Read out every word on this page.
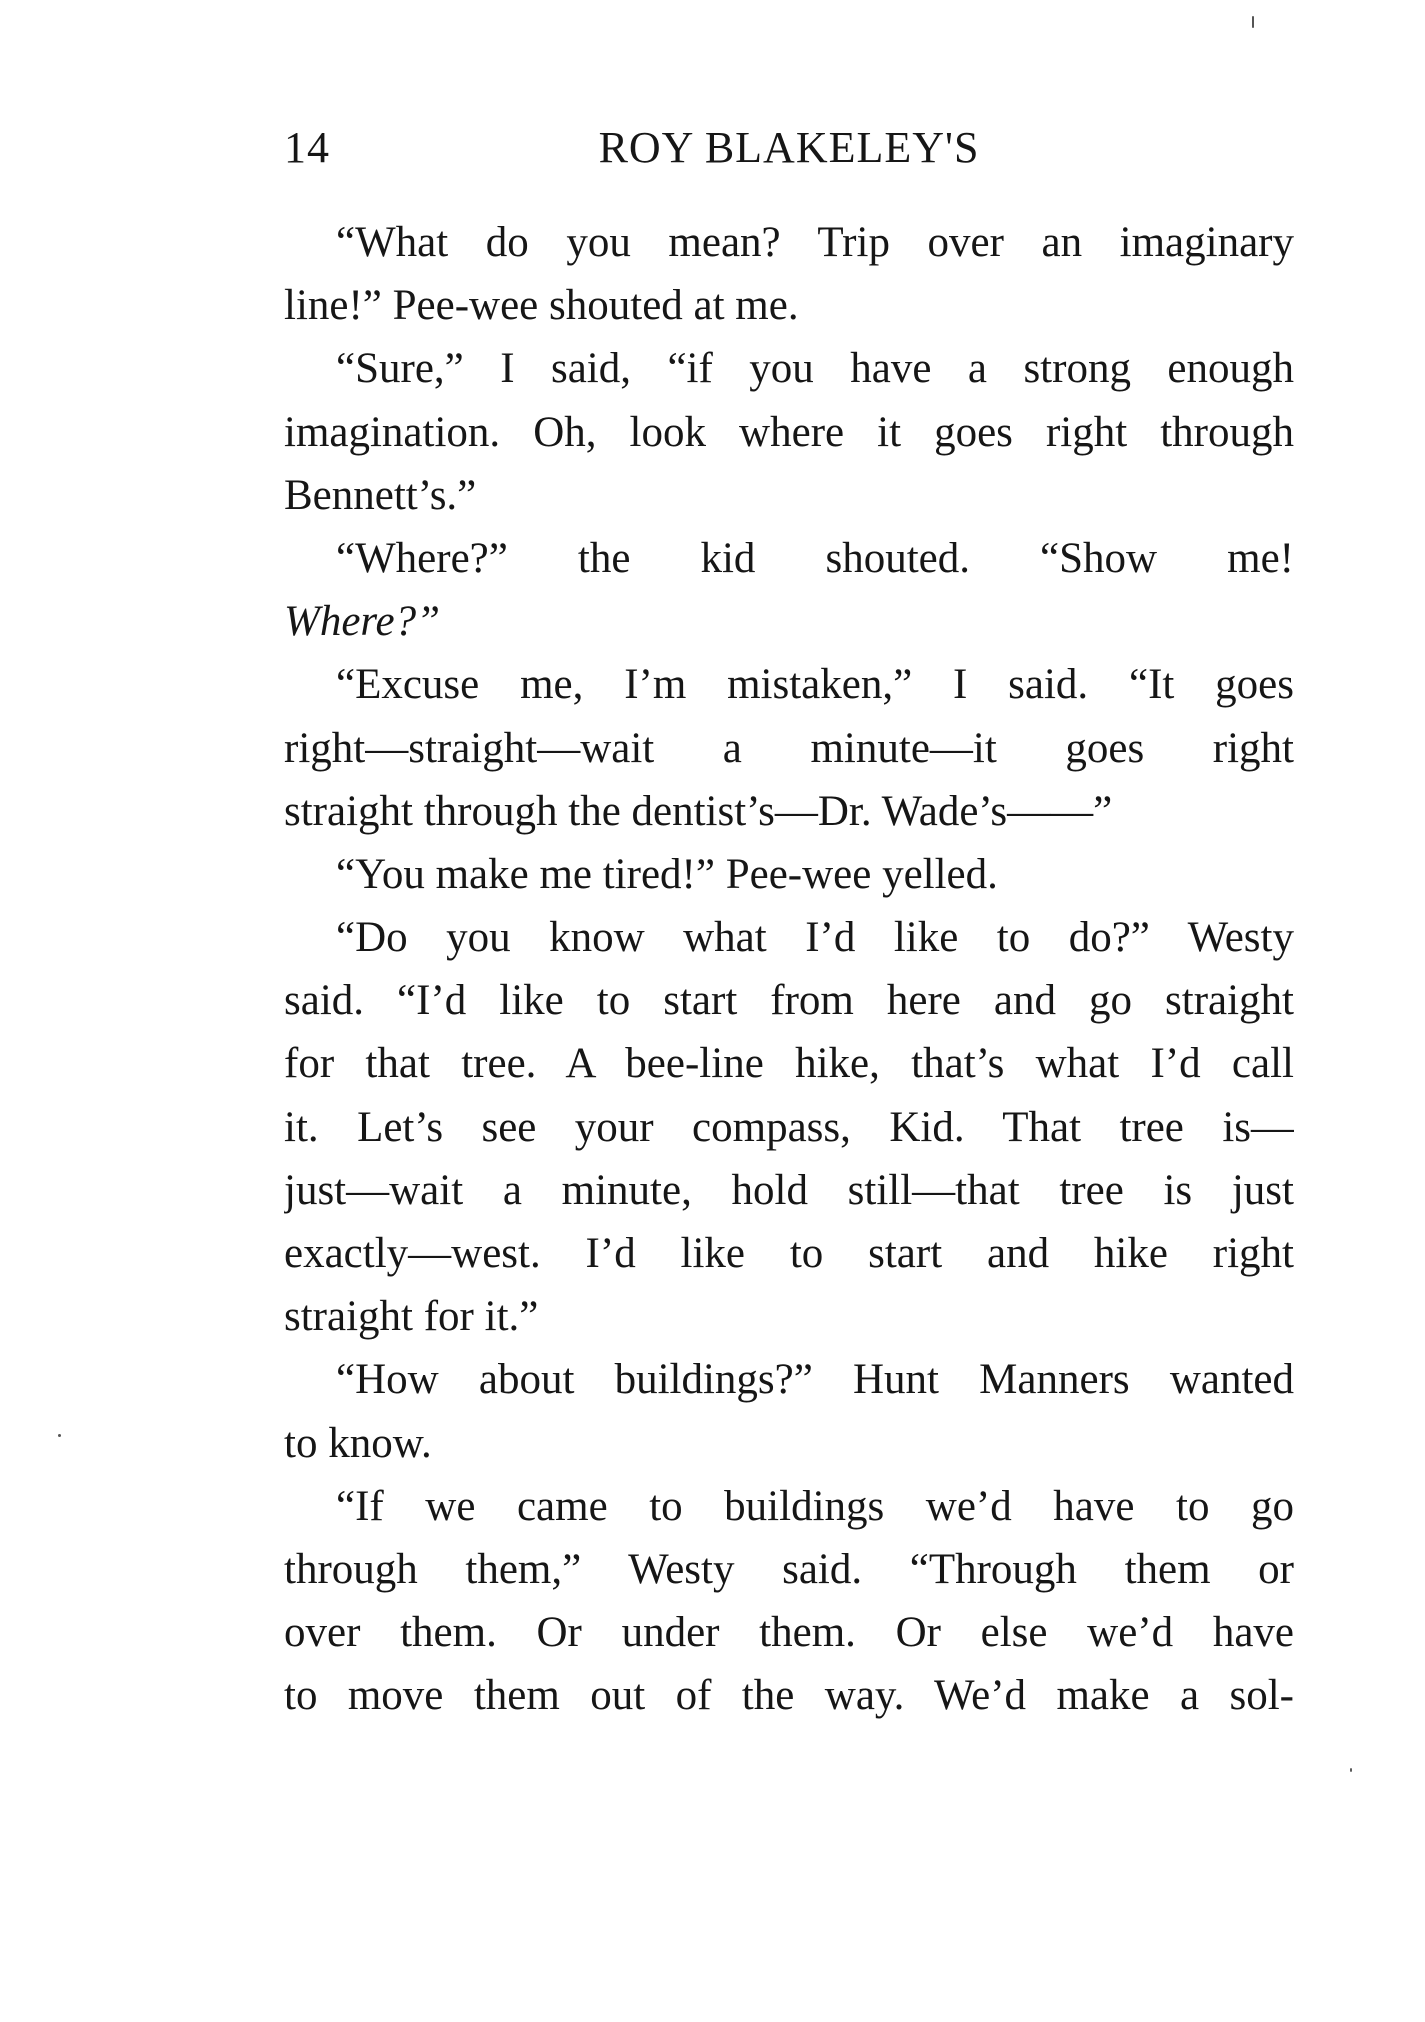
14	ROY BLAKELEY'S
“What do you mean? Trip over an imaginary
line!” Pee-wee shouted at me.
“Sure,” I said, “if you have a strong enough
imagination. Oh, look where it goes right through
Bennett’s.”
“Where?” the kid shouted. “Show me!
Where?”
“Excuse me, I’m mistaken,” I said. “It goes
right—straight—wait a minute—it goes right
straight through the dentist’s—Dr. Wade’s——”
“You make me tired!” Pee-wee yelled.
“Do you know what I’d like to do?” Westy
said. “I’d like to start from here and go straight
for that tree. A bee-line hike, that’s what I’d call
it. Let’s see your compass, Kid. That tree is—
just—wait a minute, hold still—that tree is just
exactly—west. I’d like to start and hike right
straight for it.”
“How about buildings?” Hunt Manners wanted
to know.
“If we came to buildings we’d have to go
through them,” Westy said. “Through them or
over them. Or under them. Or else we’d have
to move them out of the way. We’d make a sol-
